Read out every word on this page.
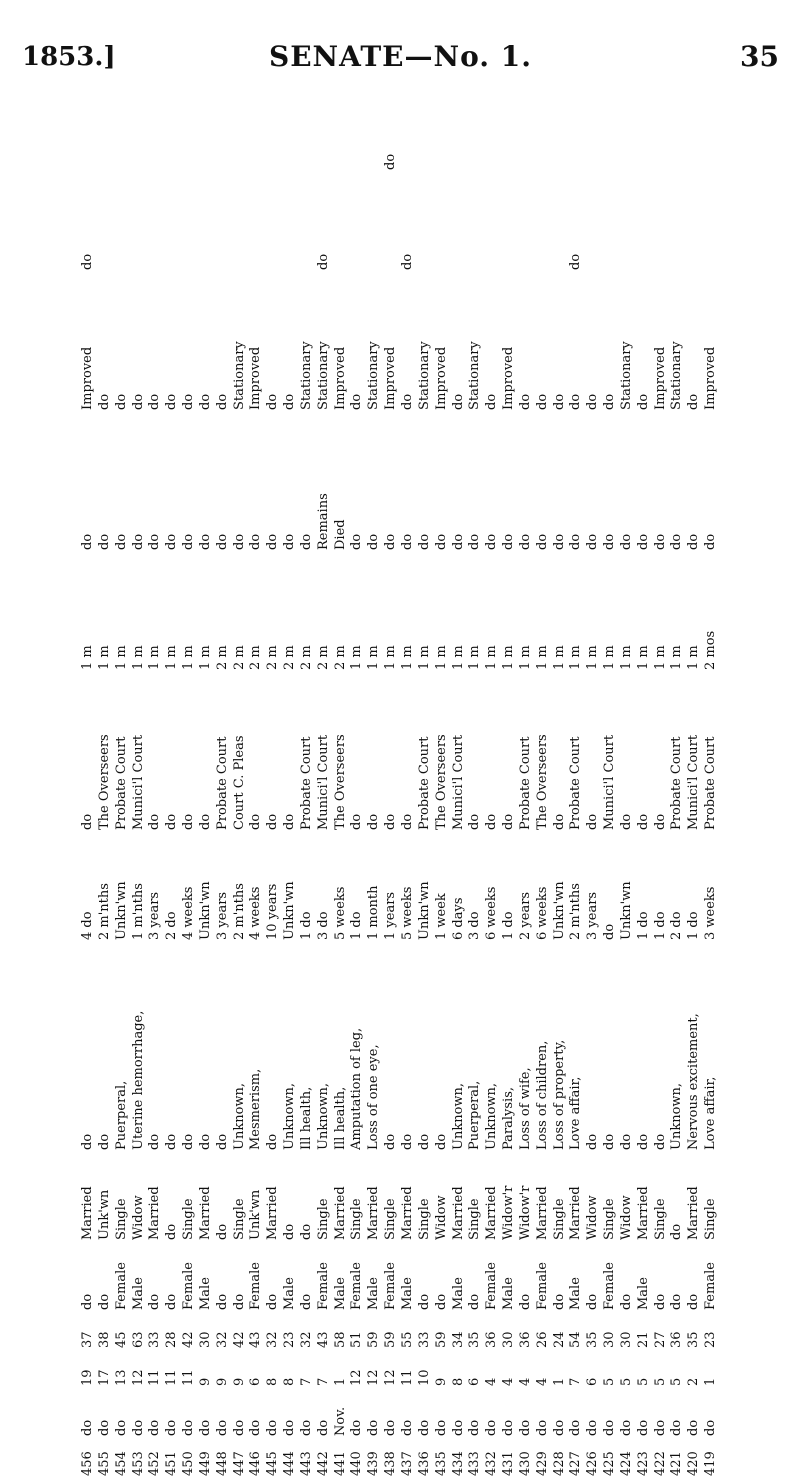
1853.]	SENATE—No. 1.	35
419
do
1
23
Female
Single
Love affair,
3 weeks
Probate Court
2 mos
do
Improved
420
do
2
35
do
Married
Nervous excitement,
1 do
Munici'l Court
1 m
do
do
421
do
5
36
do
do
Unknown,
2 do
Probate Court
1 m
do
Stationary
422
do
5
27
do
Single
do
1 do
do
1 m
do
Improved
423
do
5
21
Male
Married
do
1 do
do
1 m
do
do
424
do
5
30
do
Widow
do
Unkn'wn
do
1 m
do
Stationary
425
do
5
30
Female
Single
do
do
Munici'l Court
1 m
do
do
426
do
6
35
do
Widow
do
3 years
do
1 m
do
do
427
do
7
54
Male
Married
Love affair,
2 m'nths
Probate Court
1 m
do
do
do
428
do
1
24
do
Single
Loss of property,
Unkn'wn
do
1 m
do
do
429
do
4
26
Female
Married
Loss of children,
6 weeks
The Overseers
1 m
do
do
430
do
4
36
do
Widow'r
Loss of wife,
2 years
Probate Court
1 m
do
do
431
do
4
30
Male
Widow'r
Paralysis,
1 do
do
1 m
do
Improved
432
do
4
36
Female
Married
Unknown,
6 weeks
do
1 m
do
do
433
do
6
35
do
Single
Puerperal,
3 do
do
1 m
do
Stationary
434
do
8
34
Male
Married
Unknown,
6 days
Munici'l Court
1 m
do
do
435
do
9
59
do
Widow
do
1 week
The Overseers
1 m
do
Improved
436
do
10
33
do
Single
do
Unkn'wn
Probate Court
1 m
do
Stationary
437
do
11
55
Male
Married
do
5 weeks
do
1 m
do
do
do
438
do
12
59
Female
Single
do
1 years
do
1 m
do
Improved
do
439
do
12
59
Male
Married
Loss of one eye,
1 month
do
1 m
do
Stationary
440
do
12
51
Female
Single
Amputation of leg,
1 do
do
1 m
do
do
441
Nov.
1
58
Male
Married
Ill health,
5 weeks
The Overseers
2 m
Died
Improved
442
do
7
43
Female
Single
Unknown,
3 do
Munici'l Court
2 m
Remains
Stationary
do
443
do
7
32
do
do
Ill health,
1 do
Probate Court
2 m
do
Stationary
444
do
8
23
Male
do
Unknown,
Unkn'wn
do
2 m
do
do
445
do
8
32
do
Married
do
10 years
do
2 m
do
do
446
do
6
43
Female
Unk'wn
Mesmerism,
4 weeks
do
2 m
do
Improved
447
do
9
42
do
Single
Unknown,
2 m'nths
Court C. Pleas
2 m
do
Stationary
448
do
9
32
do
do
do
3 years
Probate Court
2 m
do
do
449
do
9
30
Male
Married
do
Unkn'wn
do
1 m
do
do
450
do
11
42
Female
Single
do
4 weeks
do
1 m
do
do
451
do
11
28
do
do
do
2 do
do
1 m
do
do
452
do
11
33
do
Married
do
3 years
do
1 m
do
do
453
do
12
63
Male
Widow
Uterine hemorrhage,
1 m'nths
Munici'l Court
1 m
do
do
454
do
13
45
Female
Single
Puerperal,
Unkn'wn
Probate Court
1 m
do
do
455
do
17
38
do
Unk'wn
do
2 m'nths
The Overseers
1 m
do
do
456
do
19
37
do
Married
do
4 do
do
1 m
do
Improved
do
